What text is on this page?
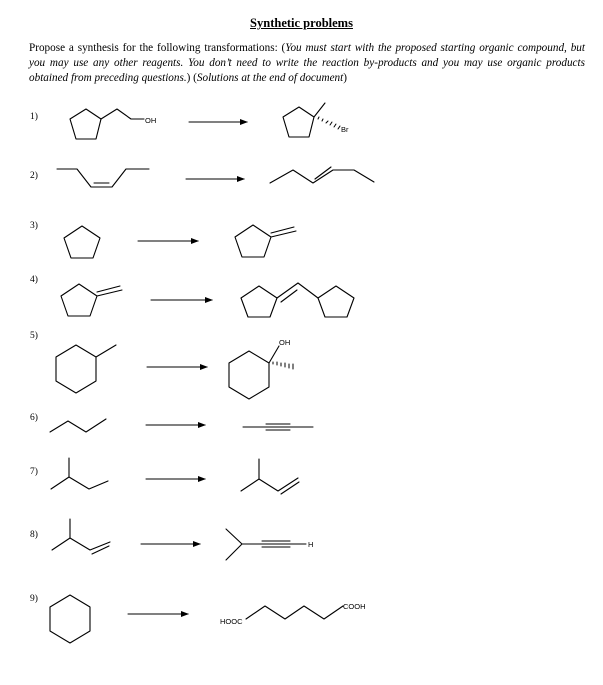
Synthetic problems
Propose a synthesis for the following transformations: (You must start with the proposed starting organic compound, but you may use any other reagents. You don’t need to write the reaction by-products and you may use organic products obtained from preceding questions.) (Solutions at the end of document)
1)	OH
Br
2)
3)
4)
5)
OH
6)
7)
8)
H
9)
HOOC
COOH
